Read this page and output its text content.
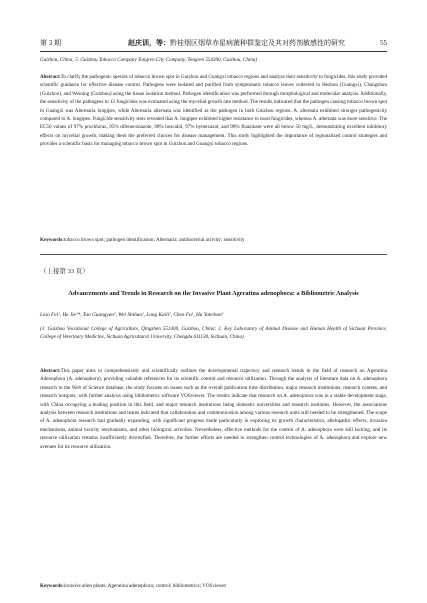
第 3 期	赵庆训，等：黔桂烟区烟草赤星病菌种群鉴定及其对药剂敏感性的研究	55
Guizhou, China; 5. Guizhou Tobacco Company Tongren City Company, Tongren 554300, Guizhou, China)

Abstract:To clarify the pathogenic species of tobacco brown spot in Guizhou and Guangxi tobacco regions and analyze their sensitivity to fungicides, this study provided scientific guidance for effective disease control. Pathogens were isolated and purified from symptomatic tobacco leaves collected in Hezhou (Guangxi), Changshun (Guizhou), and Weining (Guizhou) using the tissue isolation method. Pathogen identification was performed through morphological and molecular analysis. Additionally, the sensitivity of the pathogens to 12 fungicides was evaluated using the mycelial growth rate method. The results indicated that the pathogen causing tobacco brown spot in Guangxi was Alternaria longipes, while Alternaria alternata was identified as the pathogen in both Guizhou regions. A. alternata exhibited stronger pathogenicity compared to A. longipes. Fungicide sensitivity tests revealed that A. longipes exhibited higher resistance to most fungicides, whereas A. alternata was more sensitive. The EC50 values of 97% prochloraz, 95% difenoconazole, 98% boscalid, 97% hymexazol, and 98% fluazinam were all below 50 mg/L, demonstrating excellent inhibitory effects on mycelial growth, making them the preferred choices for disease management. This study highlighted the importance of regionalized control strategies and provides a scientific basis for managing tobacco brown spot in Guizhou and Guangxi tobacco regions.

Keywords:tobacco brown spot; pathogen identification; Alternaria; antibacterial activity; sensitivity

（上接第 33 页）
Advancements and Trends in Research on the Invasive Plant Ageratina adenophora: a Bibliometric Analysis
Liao Fei¹, He Jie²*, Tao Guangyao¹, Wei Shihua¹, Long Kaili¹, Chen Fu¹, Hu Yanchan¹
(1. Guizhou Vocational College of Agriculture, Qingzhen 551400, Guizhou, China; 2. Key Laboratory of Animal Disease and Human Health of Sichuan Province, College of Veterinary Medicine, Sichuan Agricultural University, Chengdu 611130, Sichuan, China)

Abstract:This paper aims to comprehensively and scientifically outlines the developmental trajectory and research trends in the field of research on Ageratina Adenophora (A. adenophora), providing valuable references for its scientific control and resource utilization. Through the analysis of literature data on A. adenophora research in the Web of Science database, the study focuses on issues such as the overall publication time distribution, major research institutions, research content, and research hotspots, with further analysis using bibliometric software VOSviewer. The results indicate that research on A. adenophora was in a stable development stage, with China occupying a leading position in this field, and major research institutions being domestic universities and research institutes. However, the associations analysis between research institutions and teams indicated that collaboration and communication among various research units still needed to be strengthened. The scope of A. adenophora research had gradually expanding, with significant progress made particularly in exploring its growth characteristics, allelopathic effects, invasion mechanisms, animal toxicity mechanisms, and other biological activities. Nevertheless, effective methods for the control of A. adenophora were still lacking, and its resource utilization remains insufficiently diversified. Therefore, the further efforts are needed to strengthen control technologies of A. adenophora and explore new avenues for its resource utilization.

Keywords:invasive alien plants; Ageratina adenophora; control; bibliometrics; VOSviewer
